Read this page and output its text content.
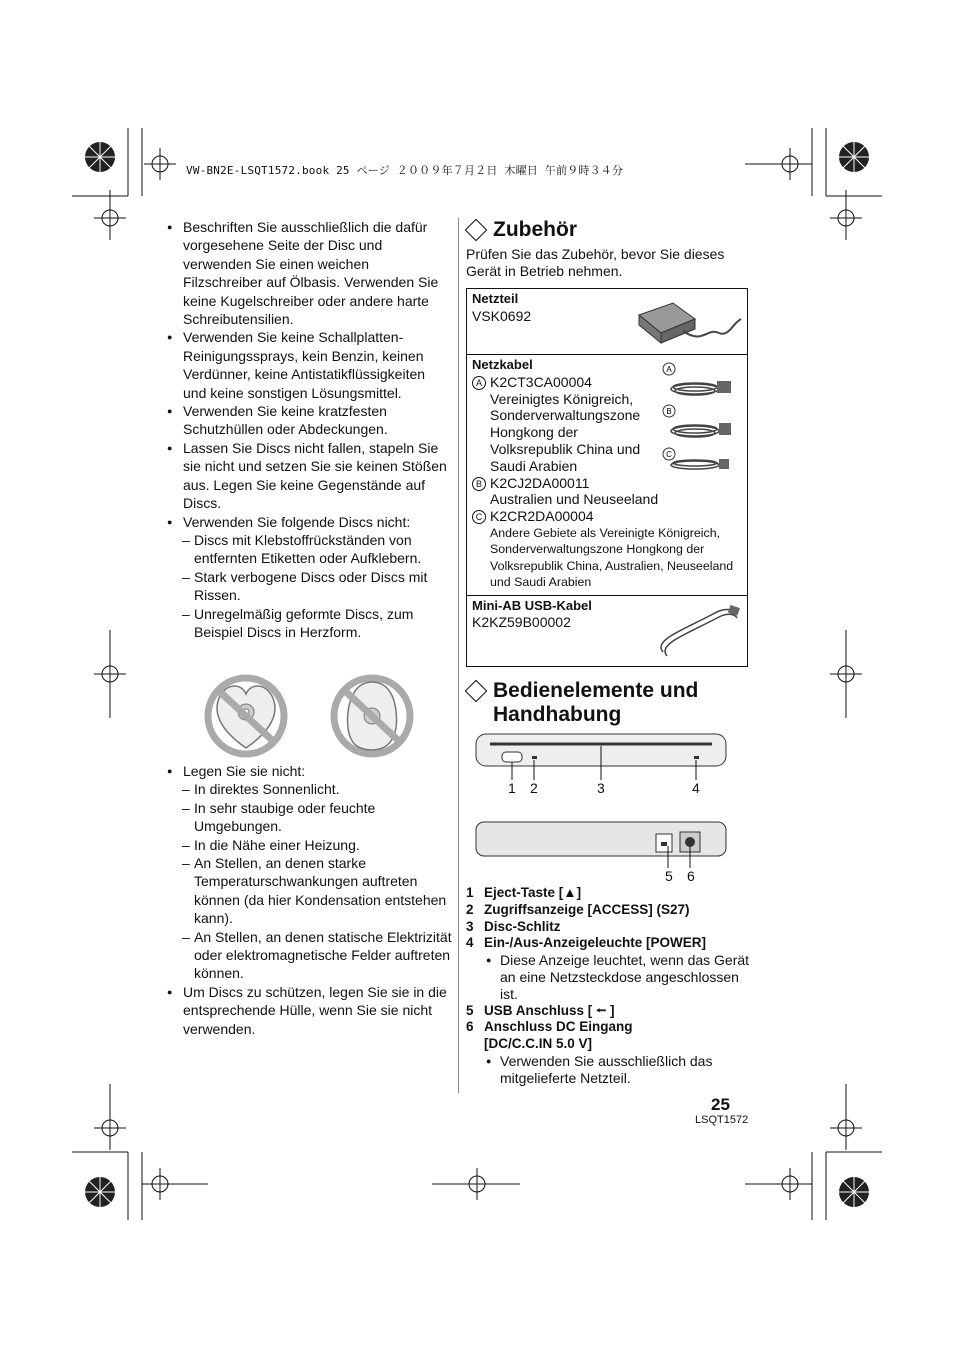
VW-BN2E-LSQT1572.book 25 ページ ２００９年７月２日 木曜日 午前９時３４分

● Beschriften Sie ausschließlich die dafür vorgesehene Seite der Disc und verwenden Sie einen weichen Filzschreiber auf Ölbasis. Verwenden Sie keine Kugelschreiber oder andere harte Schreibutensilien.

● Verwenden Sie keine Schallplatten-Reinigungssprays, kein Benzin, keinen Verdünner, keine Antistatikflüssigkeiten und keine sonstigen Lösungsmittel.

● Verwenden Sie keine kratzfesten Schutzhüllen oder Abdeckungen.

● Lassen Sie Discs nicht fallen, stapeln Sie sie nicht und setzen Sie sie keinen Stößen aus. Legen Sie keine Gegenstände auf Discs.

● Verwenden Sie folgende Discs nicht:

– Discs mit Klebstoffrückständen von entfernten Etiketten oder Aufklebern.

– Stark verbogene Discs oder Discs mit Rissen.

– Unregelmäßig geformte Discs, zum Beispiel Discs in Herzform.

● Legen Sie sie nicht:

– In direktes Sonnenlicht.

– In sehr staubige oder feuchte Umgebungen.

– In die Nähe einer Heizung.

– An Stellen, an denen starke Temperaturschwankungen auftreten können (da hier Kondensation entstehen kann).

– An Stellen, an denen statische Elektrizität oder elektromagnetische Felder auftreten können.

● Um Discs zu schützen, legen Sie sie in die entsprechende Hülle, wenn Sie sie nicht verwenden.

Zubehör

Prüfen Sie das Zubehör, bevor Sie dieses Gerät in Betrieb nehmen.

Netzteil
VSK0692
Netzkabel
A K2CT3CA00004
Vereinigtes Königreich, Sonderverwaltungszone Hongkong der Volksrepublik China und Saudi Arabien
B K2CJ2DA00011
Australien und Neuseeland
C K2CR2DA00004
Andere Gebiete als Vereinigte Königreich, Sonderverwaltungszone Hongkong der Volksrepublik China, Australien, Neuseeland und Saudi Arabien
A
B
C
Mini-AB USB-Kabel
K2KZ59B00002
Bedienelemente und Handhabung
1 2	3	4
5 6

1 Eject-Taste [▲]

2 Zugriffsanzeige [ACCESS] (S27)

3 Disc-Schlitz

4 Ein-/Aus-Anzeigeleuchte [POWER]

● Diese Anzeige leuchtet, wenn das Gerät an eine Netzsteckdose angeschlossen ist.

5 USB Anschluss [ ⭪ ]

6 Anschluss DC Eingang

[DC/C.C.IN 5.0 V]

● Verwenden Sie ausschließlich das mitgelieferte Netzteil.

25
LSQT1572
